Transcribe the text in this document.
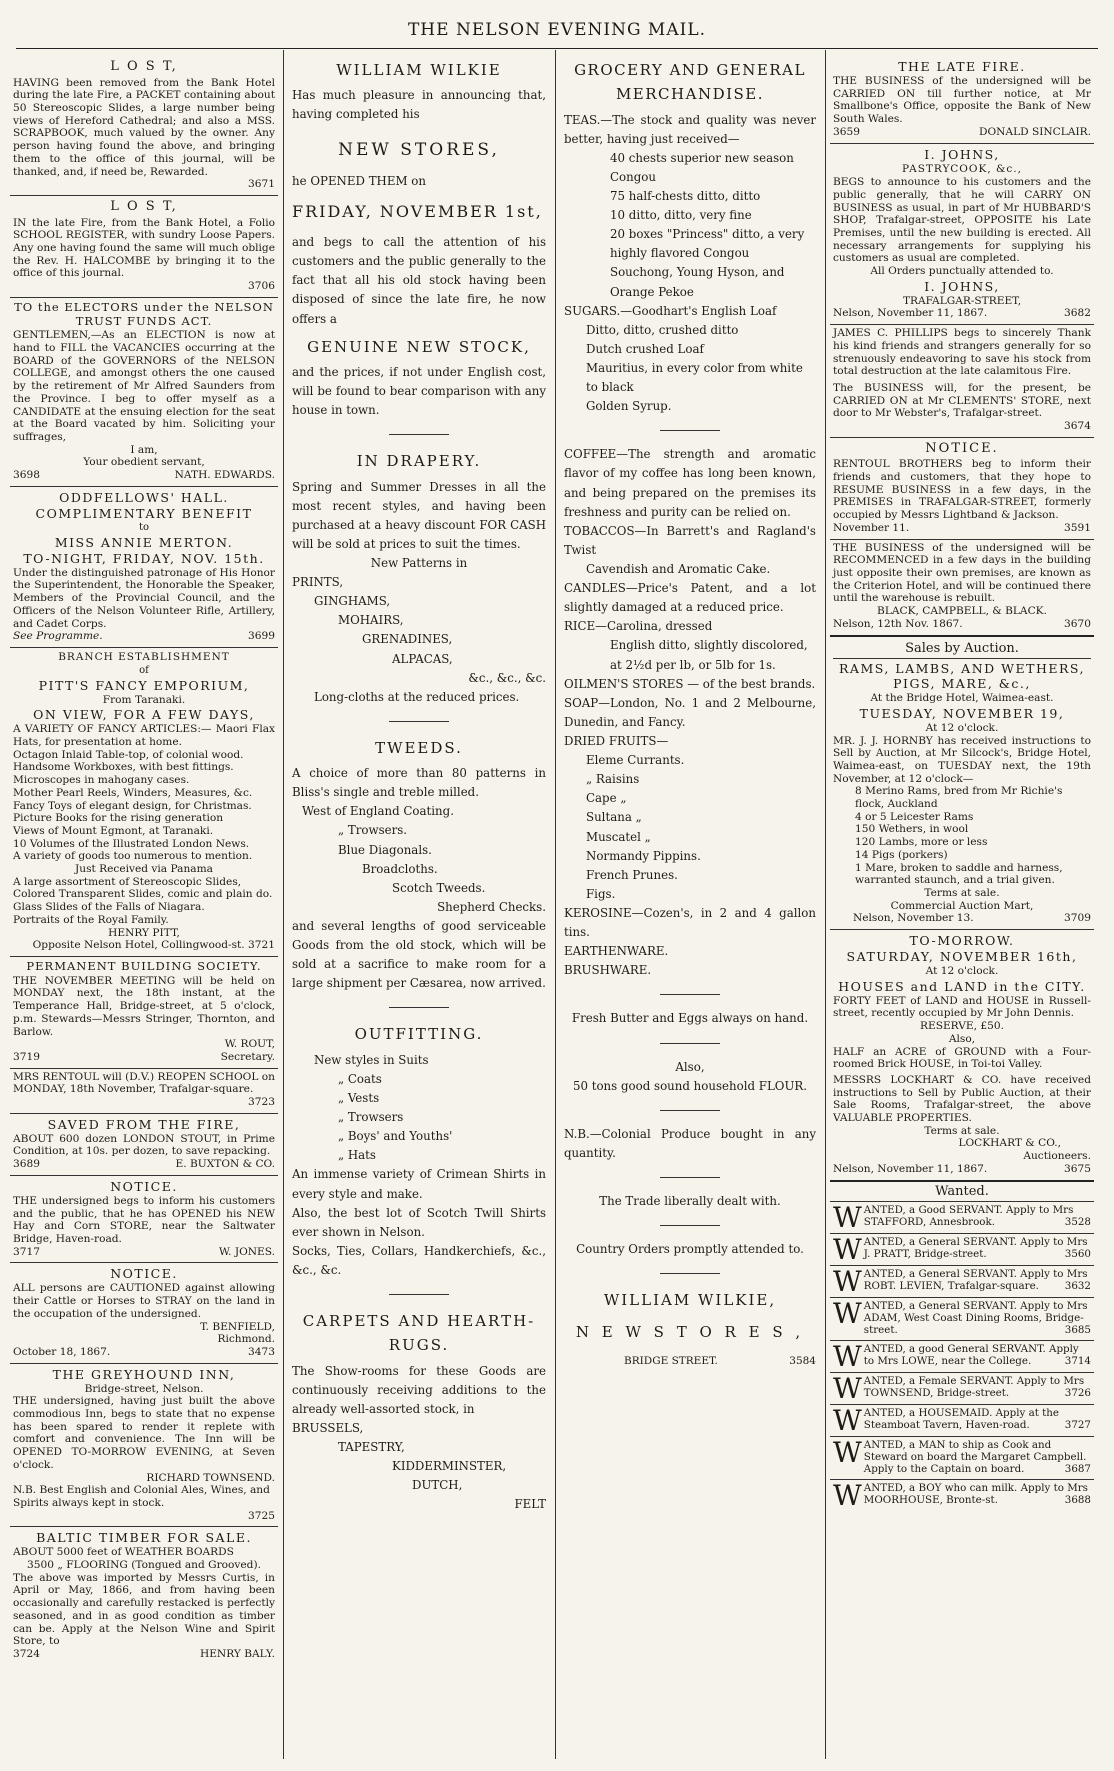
THE NELSON EVENING MAIL.
L O S T,

HAVING been removed from the Bank Hotel during the late Fire, a PACKET containing about 50 Stereoscopic Slides, a large number being views of Hereford Cathedral; and also a MSS. SCRAPBOOK, much valued by the owner. Any person having found the above, and bringing them to the office of this journal, will be thanked, and, if need be, Rewarded.

3671
L O S T,

IN the late Fire, from the Bank Hotel, a Folio SCHOOL REGISTER, with sundry Loose Papers. Any one having found the same will much oblige the Rev. H. HALCOMBE by bringing it to the office of this journal.

3706
TO the ELECTORS under the NELSON TRUST FUNDS ACT.

GENTLEMEN,—As an ELECTION is now at hand to FILL the VACANCIES occurring at the BOARD of the GOVERNORS of the NELSON COLLEGE, and amongst others the one caused by the retirement of Mr Alfred Saunders from the Province. I beg to offer myself as a CANDIDATE at the ensuing election for the seat at the Board vacated by him. Soliciting your suffrages,

I am,
Your obedient servant,
3698	NATH. EDWARDS.
ODDFELLOWS' HALL.
COMPLIMENTARY BENEFIT
to
MISS ANNIE MERTON.
TO-NIGHT, FRIDAY, NOV. 15th.

Under the distinguished patronage of His Honor the Superintendent, the Honorable the Speaker, Members of the Provincial Council, and the Officers of the Nelson Volunteer Rifle, Artillery, and Cadet Corps.

See Programme.	3699
BRANCH ESTABLISHMENT
of
PITT'S FANCY EMPORIUM,
From Taranaki.
ON VIEW, FOR A FEW DAYS,

A VARIETY OF FANCY ARTICLES:— Maori Flax Hats, for presentation at home.

Octagon Inlaid Table-top, of colonial wood.
Handsome Workboxes, with best fittings.
Microscopes in mahogany cases.
Mother Pearl Reels, Winders, Measures, &c.
Fancy Toys of elegant design, for Christmas.
Picture Books for the rising generation
Views of Mount Egmont, at Taranaki.
10 Volumes of the Illustrated London News.
A variety of goods too numerous to mention.
Just Received via Panama
A large assortment of Stereoscopic Slides,
Colored Transparent Slides, comic and plain do.
Glass Slides of the Falls of Niagara.
Portraits of the Royal Family.
HENRY PITT,
Opposite Nelson Hotel, Collingwood-st. 3721
PERMANENT BUILDING SOCIETY.

THE NOVEMBER MEETING will be held on MONDAY next, the 18th instant, at the Temperance Hall, Bridge-street, at 5 o'clock, p.m. Stewards—Messrs Stringer, Thornton, and Barlow.

W. ROUT,
3719	Secretary.

MRS RENTOUL will (D.V.) REOPEN SCHOOL on MONDAY, 18th November, Trafalgar-square.

3723
SAVED FROM THE FIRE,

ABOUT 600 dozen LONDON STOUT, in Prime Condition, at 10s. per dozen, to save repacking.

3689	E. BUXTON & CO.
NOTICE.

THE undersigned begs to inform his customers and the public, that he has OPENED his NEW Hay and Corn STORE, near the Saltwater Bridge, Haven-road.

3717	W. JONES.
NOTICE.

ALL persons are CAUTIONED against allowing their Cattle or Horses to STRAY on the land in the occupation of the undersigned.

T. BENFIELD,
Richmond.
October 18, 1867.	3473
THE GREYHOUND INN,
Bridge-street, Nelson.

THE undersigned, having just built the above commodious Inn, begs to state that no expense has been spared to render it replete with comfort and convenience. The Inn will be OPENED TO-MORROW EVENING, at Seven o'clock.

RICHARD TOWNSEND.
N.B. Best English and Colonial Ales, Wines, and Spirits always kept in stock.
3725
BALTIC TIMBER FOR SALE.
ABOUT 5000 feet of WEATHER BOARDS
3500 „ FLOORING (Tongued and Grooved).

The above was imported by Messrs Curtis, in April or May, 1866, and from having been occasionally and carefully restacked is perfectly seasoned, and in as good condition as timber can be. Apply at the Nelson Wine and Spirit Store, to

3724	HENRY BALY.
WILLIAM WILKIE

Has much pleasure in announcing that, having completed his

NEW STORES,
he OPENED THEM on
FRIDAY, NOVEMBER 1st,

and begs to call the attention of his customers and the public generally to the fact that all his old stock having been disposed of since the late fire, he now offers a

GENUINE NEW STOCK,

and the prices, if not under English cost, will be found to bear comparison with any house in town.

IN DRAPERY.

Spring and Summer Dresses in all the most recent styles, and having been purchased at a heavy discount FOR CASH will be sold at prices to suit the times.

New Patterns in
PRINTS,
GINGHAMS,
MOHAIRS,
GRENADINES,
ALPACAS,
&c., &c., &c.
Long-cloths at the reduced prices.
TWEEDS.

A choice of more than 80 patterns in Bliss's single and treble milled.

West of England Coating.
„ Trowsers.
Blue Diagonals.
Broadcloths.
Scotch Tweeds.
Shepherd Checks.

and several lengths of good serviceable Goods from the old stock, which will be sold at a sacrifice to make room for a large shipment per Cæsarea, now arrived.

OUTFITTING.
New styles in Suits
„ Coats
„ Vests
„ Trowsers
„ Boys' and Youths'
„ Hats

An immense variety of Crimean Shirts in every style and make.

Also, the best lot of Scotch Twill Shirts ever shown in Nelson.

Socks, Ties, Collars, Handkerchiefs, &c., &c., &c.

CARPETS AND HEARTH-RUGS.

The Show-rooms for these Goods are continuously receiving additions to the already well-assorted stock, in

BRUSSELS,
TAPESTRY,
KIDDERMINSTER,
DUTCH,
FELT
GROCERY AND GENERAL MERCHANDISE.

TEAS.—The stock and quality was never better, having just received—

40 chests superior new season Congou
75 half-chests ditto, ditto
10 ditto, ditto, very fine
20 boxes "Princess" ditto, a very highly flavored Congou
Souchong, Young Hyson, and Orange Pekoe
SUGARS.—Goodhart's English Loaf
Ditto, ditto, crushed ditto
Dutch crushed Loaf
Mauritius, in every color from white to black
Golden Syrup.

COFFEE—The strength and aromatic flavor of my coffee has long been known, and being prepared on the premises its freshness and purity can be relied on.

TOBACCOS—In Barrett's and Ragland's Twist

Cavendish and Aromatic Cake.

CANDLES—Price's Patent, and a lot slightly damaged at a reduced price.

RICE—Carolina, dressed
English ditto, slightly discolored, at 2½d per lb, or 5lb for 1s.

OILMEN'S STORES — of the best brands.

SOAP—London, No. 1 and 2 Melbourne, Dunedin, and Fancy.

DRIED FRUITS—
Eleme Currants.
„ Raisins
Cape „
Sultana „
Muscatel „
Normandy Pippins.
French Prunes.
Figs.

KEROSINE—Cozen's, in 2 and 4 gallon tins.

EARTHENWARE.
BRUSHWARE.
Fresh Butter and Eggs always on hand.
Also,
50 tons good sound household FLOUR.

N.B.—Colonial Produce bought in any quantity.

The Trade liberally dealt with.
Country Orders promptly attended to.
WILLIAM WILKIE,
N E W S T O R E S ,
BRIDGE STREET.	3584
THE LATE FIRE.

THE BUSINESS of the undersigned will be CARRIED ON till further notice, at Mr Smallbone's Office, opposite the Bank of New South Wales.

3659	DONALD SINCLAIR.
I. JOHNS,
PASTRYCOOK, &c.,

BEGS to announce to his customers and the public generally, that he will CARRY ON BUSINESS as usual, in part of Mr HUBBARD'S SHOP, Trafalgar-street, OPPOSITE his Late Premises, until the new building is erected. All necessary arrangements for supplying his customers as usual are completed.

All Orders punctually attended to.
I. JOHNS,
TRAFALGAR-STREET,
Nelson, November 11, 1867.	3682

JAMES C. PHILLIPS begs to sincerely Thank his kind friends and strangers generally for so strenuously endeavoring to save his stock from total destruction at the late calamitous Fire.

The BUSINESS will, for the present, be CARRIED ON at Mr CLEMENTS' STORE, next door to Mr Webster's, Trafalgar-street.

3674
NOTICE.

RENTOUL BROTHERS beg to inform their friends and customers, that they hope to RESUME BUSINESS in a few days, in the PREMISES in TRAFALGAR-STREET, formerly occupied by Messrs Lightband & Jackson.

November 11.	3591

THE BUSINESS of the undersigned will be RECOMMENCED in a few days in the building just opposite their own premises, are known as the Criterion Hotel, and will be continued there until the warehouse is rebuilt.

BLACK, CAMPBELL, & BLACK.
Nelson, 12th Nov. 1867.	3670
Sales by Auction.
RAMS, LAMBS, AND WETHERS, PIGS, MARE, &c.,
At the Bridge Hotel, Waimea-east.
TUESDAY, NOVEMBER 19,
At 12 o'clock.

MR. J. J. HORNBY has received instructions to Sell by Auction, at Mr Silcock's, Bridge Hotel, Waimea-east, on TUESDAY next, the 19th November, at 12 o'clock—

8 Merino Rams, bred from Mr Richie's flock, Auckland
4 or 5 Leicester Rams
150 Wethers, in wool
120 Lambs, more or less
14 Pigs (porkers)
1 Mare, broken to saddle and harness, warranted staunch, and a trial given.
Terms at sale.
Commercial Auction Mart,
Nelson, November 13.	3709
TO-MORROW.
SATURDAY, NOVEMBER 16th,
At 12 o'clock.
HOUSES and LAND in the CITY.

FORTY FEET of LAND and HOUSE in Russell-street, recently occupied by Mr John Dennis.

RESERVE, £50.
Also,

HALF an ACRE of GROUND with a Four-roomed Brick HOUSE, in Toi-toi Valley.

MESSRS LOCKHART & CO. have received instructions to Sell by Public Auction, at their Sale Rooms, Trafalgar-street, the above VALUABLE PROPERTIES.

Terms at sale.
LOCKHART & CO.,
Auctioneers.
Nelson, November 11, 1867.	3675
Wanted.
WANTED, a Good SERVANT. Apply to Mrs STAFFORD, Annesbrook.	3528
WANTED, a General SERVANT. Apply to Mrs J. PRATT, Bridge-street.	3560
WANTED, a General SERVANT. Apply to Mrs ROBT. LEVIEN, Trafalgar-square.	3632
WANTED, a General SERVANT. Apply to Mrs ADAM, West Coast Dining Rooms, Bridge-street.	3685
WANTED, a good General SERVANT. Apply to Mrs LOWE, near the College.	3714
WANTED, a Female SERVANT. Apply to Mrs TOWNSEND, Bridge-street.	3726
WANTED, a HOUSEMAID. Apply at the Steamboat Tavern, Haven-road.	3727
WANTED, a MAN to ship as Cook and Steward on board the Margaret Campbell. Apply to the Captain on board.	3687
WANTED, a BOY who can milk. Apply to Mrs MOORHOUSE, Bronte-st.	3688
